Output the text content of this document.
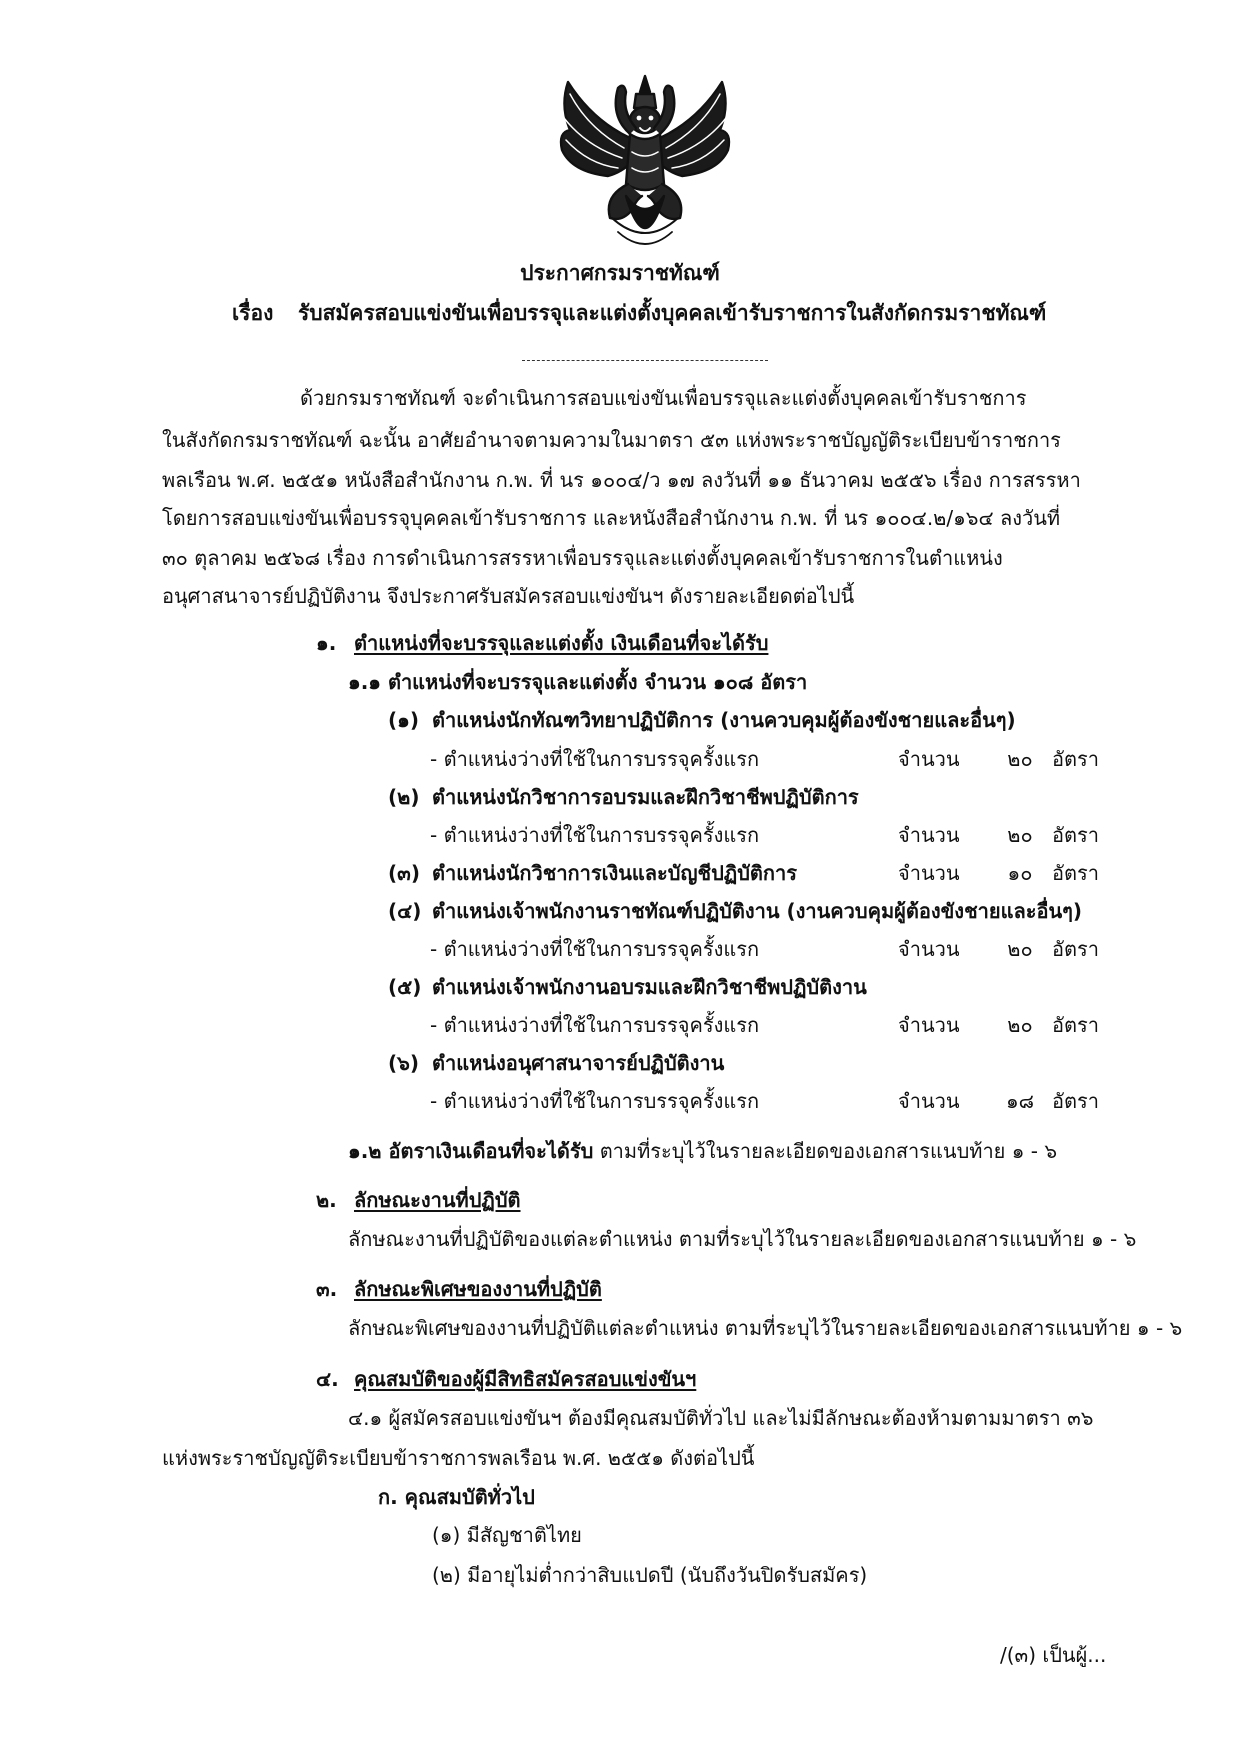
ประกาศกรมราชทัณฑ์
เรื่อง รับสมัครสอบแข่งขันเพื่อบรรจุและแต่งตั้งบุคคลเข้ารับราชการในสังกัดกรมราชทัณฑ์
ด้วยกรมราชทัณฑ์ จะดำเนินการสอบแข่งขันเพื่อบรรจุและแต่งตั้งบุคคลเข้ารับราชการ
ในสังกัดกรมราชทัณฑ์ ฉะนั้น อาศัยอำนาจตามความในมาตรา ๕๓ แห่งพระราชบัญญัติระเบียบข้าราชการ
พลเรือน พ.ศ. ๒๕๕๑ หนังสือสำนักงาน ก.พ. ที่ นร ๑๐๐๔/ว ๑๗ ลงวันที่ ๑๑ ธันวาคม ๒๕๕๖ เรื่อง การสรรหา
โดยการสอบแข่งขันเพื่อบรรจุบุคคลเข้ารับราชการ และหนังสือสำนักงาน ก.พ. ที่ นร ๑๐๐๔.๒/๑๖๔ ลงวันที่
๓๐ ตุลาคม ๒๕๖๘ เรื่อง การดำเนินการสรรหาเพื่อบรรจุและแต่งตั้งบุคคลเข้ารับราชการในตำแหน่ง
อนุศาสนาจารย์ปฏิบัติงาน จึงประกาศรับสมัครสอบแข่งขันฯ ดังรายละเอียดต่อไปนี้
๑. ตำแหน่งที่จะบรรจุและแต่งตั้ง เงินเดือนที่จะได้รับ
๑.๑ ตำแหน่งที่จะบรรจุและแต่งตั้ง จำนวน ๑๐๘ อัตรา
(๑) ตำแหน่งนักทัณฑวิทยาปฏิบัติการ (งานควบคุมผู้ต้องขังชายและอื่นๆ)
- ตำแหน่งว่างที่ใช้ในการบรรจุครั้งแรก	จำนวน	๒๐ อัตรา
(๒) ตำแหน่งนักวิชาการอบรมและฝึกวิชาชีพปฏิบัติการ
- ตำแหน่งว่างที่ใช้ในการบรรจุครั้งแรก	จำนวน	๒๐ อัตรา
(๓) ตำแหน่งนักวิชาการเงินและบัญชีปฏิบัติการ	จำนวน	๑๐ อัตรา
(๔) ตำแหน่งเจ้าพนักงานราชทัณฑ์ปฏิบัติงาน (งานควบคุมผู้ต้องขังชายและอื่นๆ)
- ตำแหน่งว่างที่ใช้ในการบรรจุครั้งแรก	จำนวน	๒๐ อัตรา
(๕) ตำแหน่งเจ้าพนักงานอบรมและฝึกวิชาชีพปฏิบัติงาน
- ตำแหน่งว่างที่ใช้ในการบรรจุครั้งแรก	จำนวน	๒๐ อัตรา
(๖) ตำแหน่งอนุศาสนาจารย์ปฏิบัติงาน
- ตำแหน่งว่างที่ใช้ในการบรรจุครั้งแรก	จำนวน	๑๘ อัตรา
๑.๒ อัตราเงินเดือนที่จะได้รับ ตามที่ระบุไว้ในรายละเอียดของเอกสารแนบท้าย ๑ - ๖
๒. ลักษณะงานที่ปฏิบัติ
ลักษณะงานที่ปฏิบัติของแต่ละตำแหน่ง ตามที่ระบุไว้ในรายละเอียดของเอกสารแนบท้าย ๑ - ๖
๓. ลักษณะพิเศษของงานที่ปฏิบัติ
ลักษณะพิเศษของงานที่ปฏิบัติแต่ละตำแหน่ง ตามที่ระบุไว้ในรายละเอียดของเอกสารแนบท้าย ๑ - ๖
๔. คุณสมบัติของผู้มีสิทธิสมัครสอบแข่งขันฯ
๔.๑ ผู้สมัครสอบแข่งขันฯ ต้องมีคุณสมบัติทั่วไป และไม่มีลักษณะต้องห้ามตามมาตรา ๓๖
แห่งพระราชบัญญัติระเบียบข้าราชการพลเรือน พ.ศ. ๒๕๕๑ ดังต่อไปนี้
ก. คุณสมบัติทั่วไป
(๑) มีสัญชาติไทย
(๒) มีอายุไม่ต่ำกว่าสิบแปดปี (นับถึงวันปิดรับสมัคร)
/(๓) เป็นผู้...
